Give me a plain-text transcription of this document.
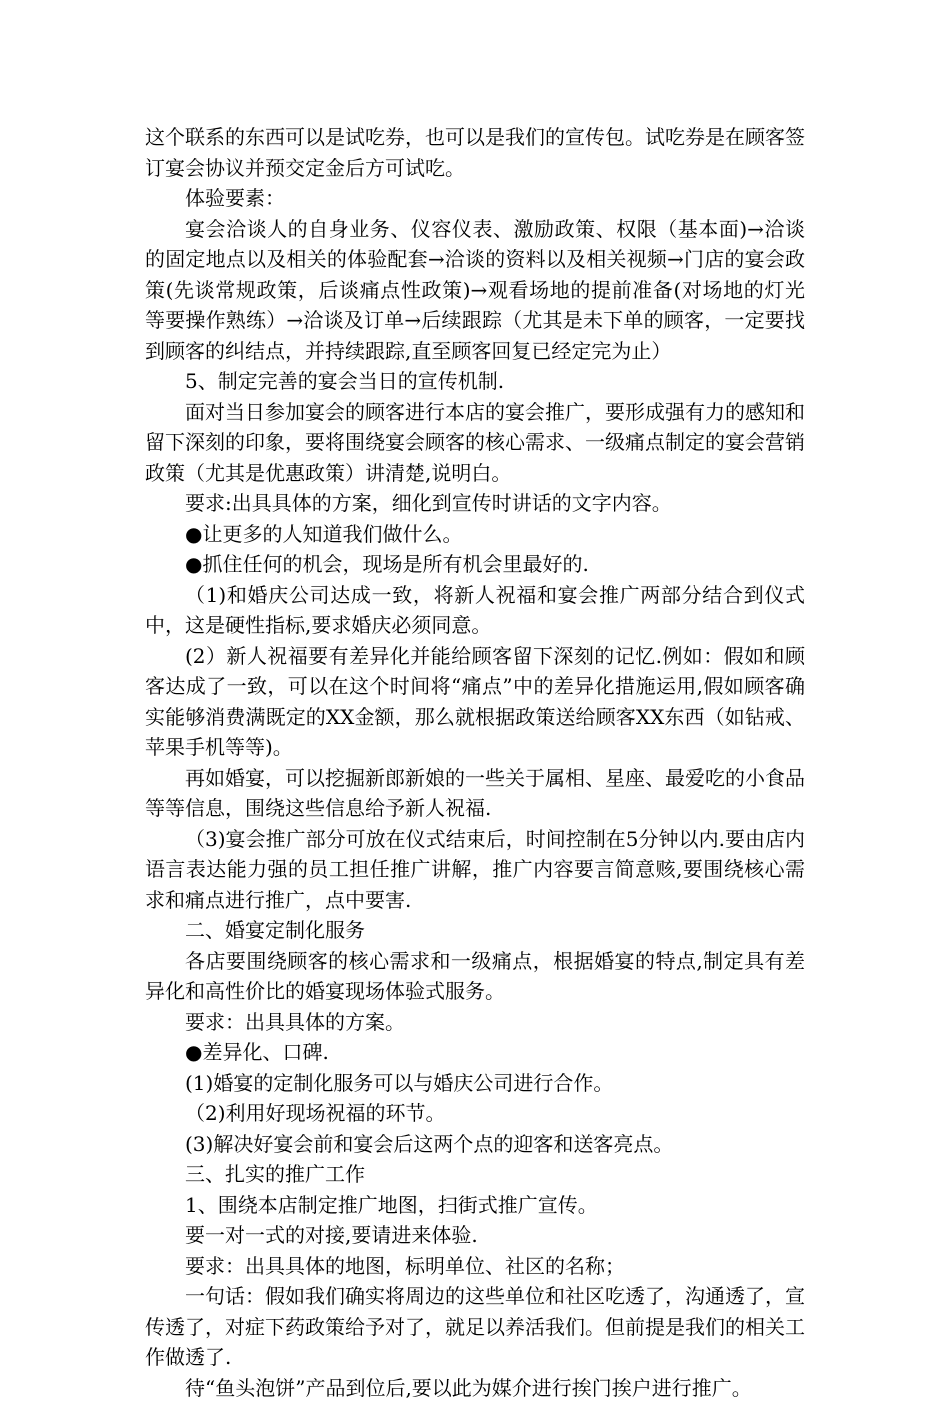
这个联系的东西可以是试吃券，也可以是我们的宣传包。试吃券是在顾客签订宴会协议并预交定金后方可试吃。

体验要素：

宴会洽谈人的自身业务、仪容仪表、激励政策、权限（基本面)→洽谈的固定地点以及相关的体验配套→洽谈的资料以及相关视频→门店的宴会政策(先谈常规政策，后谈痛点性政策)→观看场地的提前准备(对场地的灯光等要操作熟练）→洽谈及订单→后续跟踪（尤其是未下单的顾客，一定要找到顾客的纠结点，并持续跟踪,直至顾客回复已经定完为止）

5、制定完善的宴会当日的宣传机制.

面对当日参加宴会的顾客进行本店的宴会推广，要形成强有力的感知和留下深刻的印象，要将围绕宴会顾客的核心需求、一级痛点制定的宴会营销政策（尤其是优惠政策）讲清楚,说明白。

要求:出具具体的方案，细化到宣传时讲话的文字内容。

●让更多的人知道我们做什么。

●抓住任何的机会，现场是所有机会里最好的.

（1)和婚庆公司达成一致，将新人祝福和宴会推广两部分结合到仪式中，这是硬性指标,要求婚庆必须同意。

(2）新人祝福要有差异化并能给顾客留下深刻的记忆.例如：假如和顾客达成了一致，可以在这个时间将“痛点”中的差异化措施运用,假如顾客确实能够消费满既定的XX金额，那么就根据政策送给顾客XX东西（如钻戒、苹果手机等等)。

再如婚宴，可以挖掘新郎新娘的一些关于属相、星座、最爱吃的小食品等等信息，围绕这些信息给予新人祝福.

（3)宴会推广部分可放在仪式结束后，时间控制在5分钟以内.要由店内语言表达能力强的员工担任推广讲解，推广内容要言简意赅,要围绕核心需求和痛点进行推广，点中要害.

二、婚宴定制化服务

各店要围绕顾客的核心需求和一级痛点，根据婚宴的特点,制定具有差异化和高性价比的婚宴现场体验式服务。

要求：出具具体的方案。

●差异化、口碑.

(1)婚宴的定制化服务可以与婚庆公司进行合作。

（2)利用好现场祝福的环节。

(3)解决好宴会前和宴会后这两个点的迎客和送客亮点。

三、扎实的推广工作

1、围绕本店制定推广地图，扫街式推广宣传。

要一对一式的对接,要请进来体验.

要求：出具具体的地图，标明单位、社区的名称；

一句话：假如我们确实将周边的这些单位和社区吃透了，沟通透了，宣传透了，对症下药政策给予对了，就足以养活我们。但前提是我们的相关工作做透了.

待“鱼头泡饼”产品到位后,要以此为媒介进行挨门挨户进行推广。
